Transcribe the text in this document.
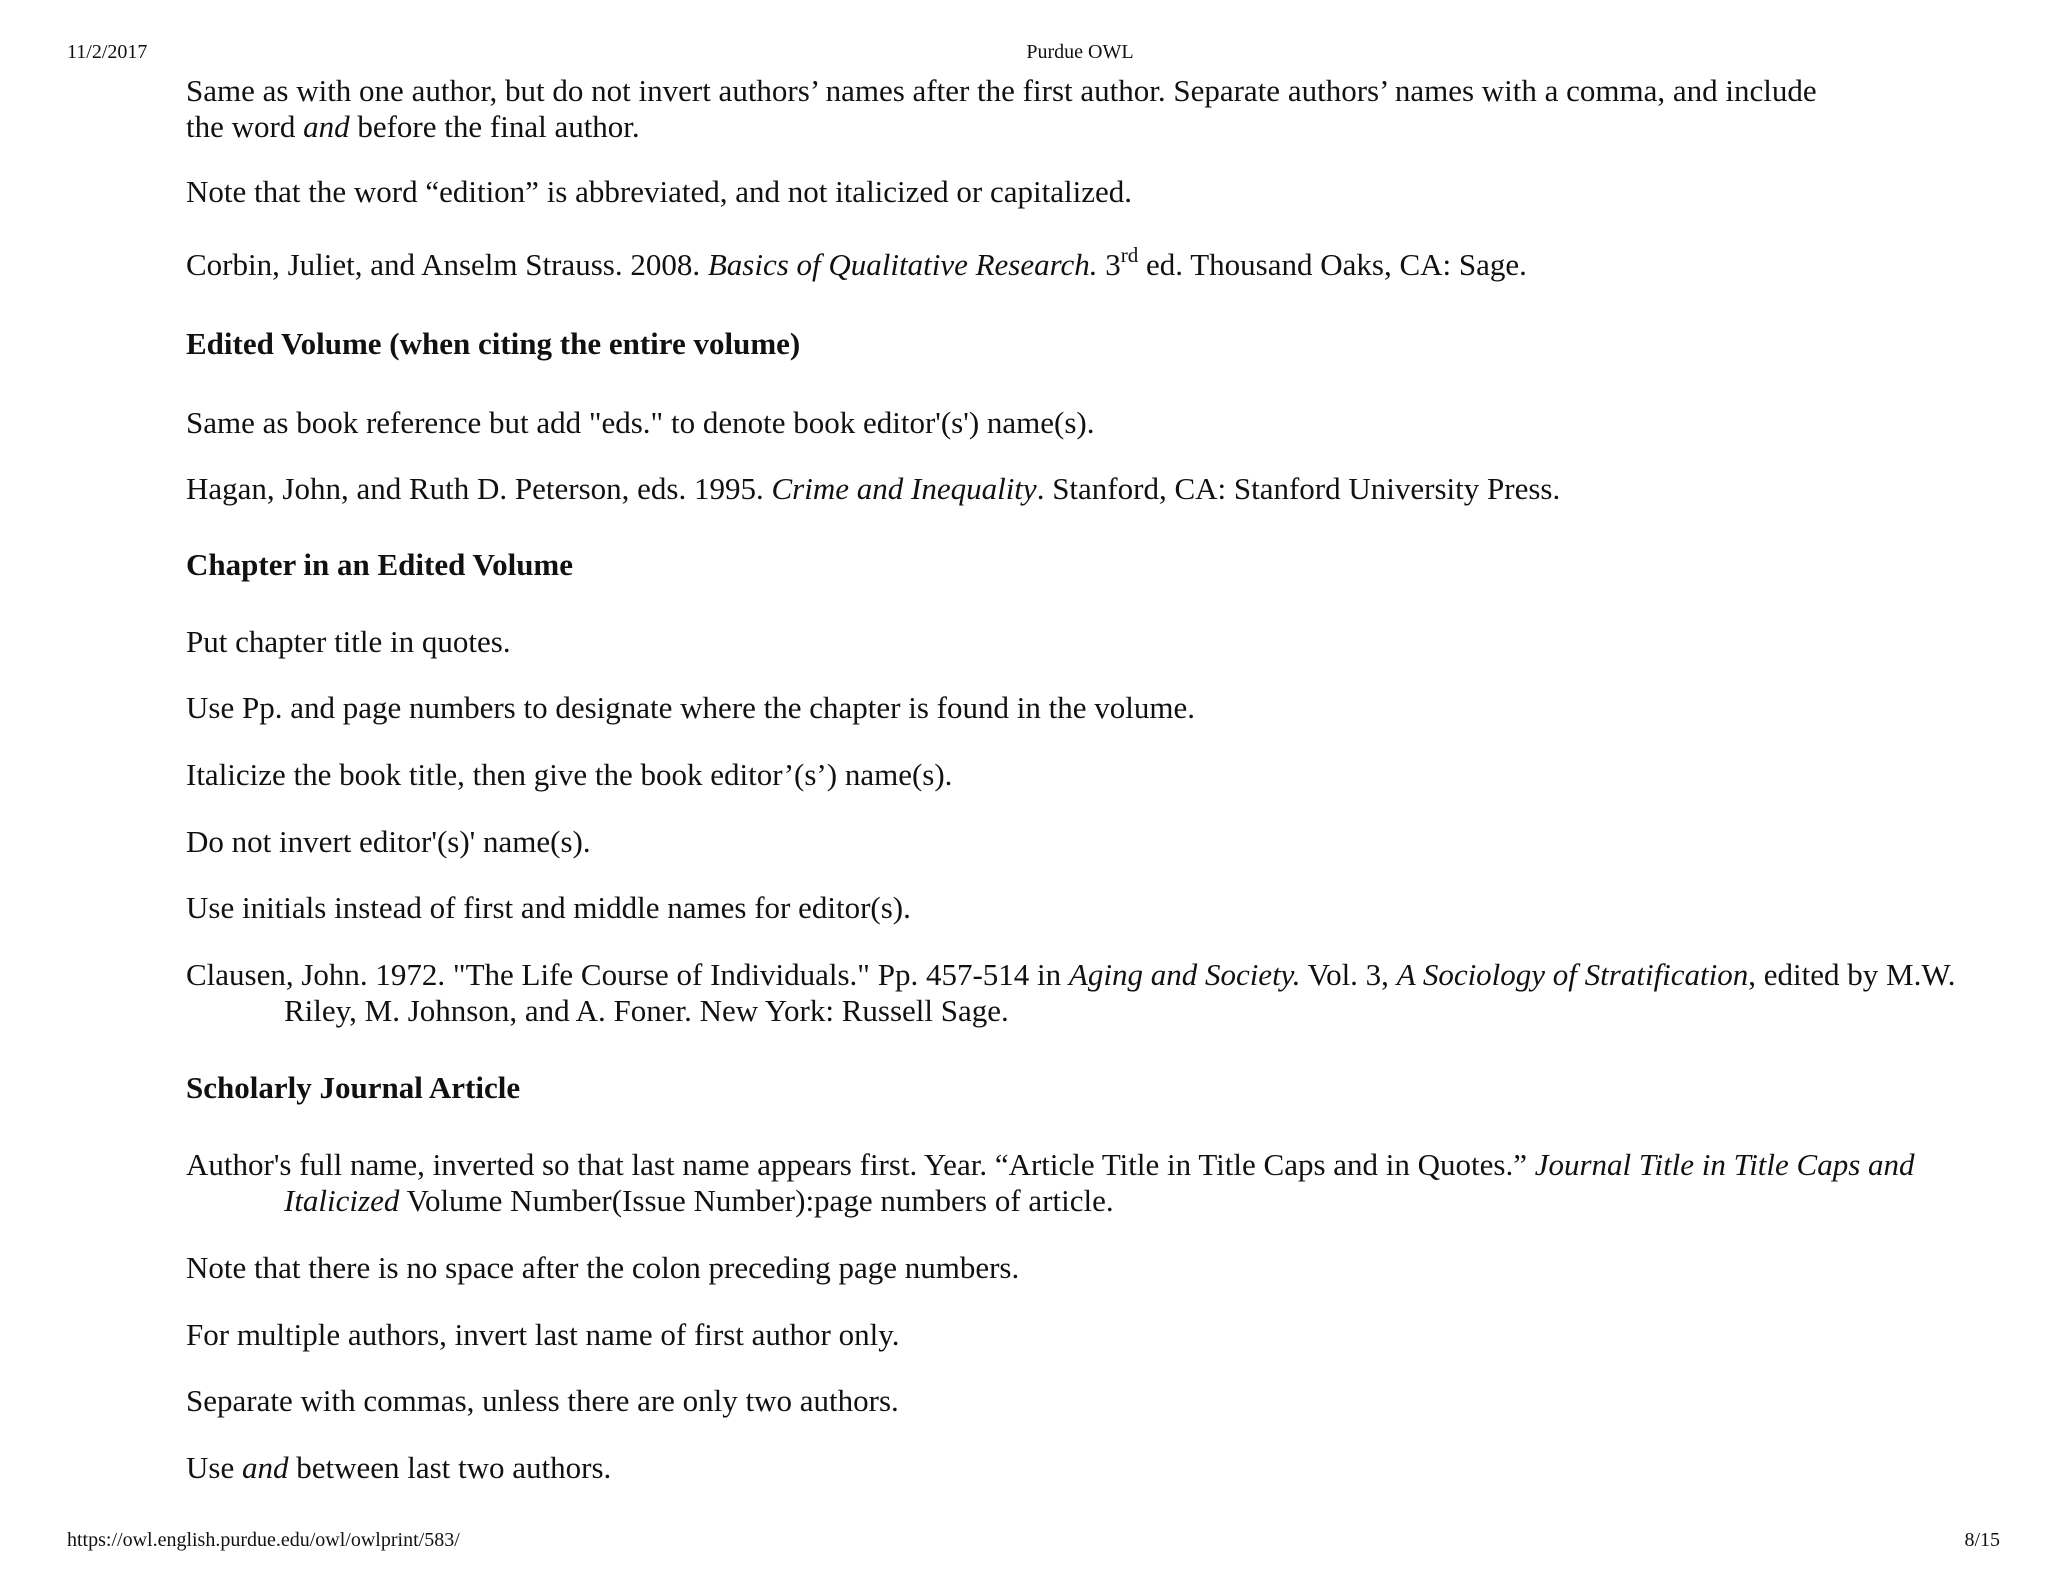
11/2/2017	Purdue OWL

Same as with one author, but do not invert authors’ names after the first author. Separate authors’ names with a comma, and include

the word and before the final author.

Note that the word “edition” is abbreviated, and not italicized or capitalized.

Corbin, Juliet, and Anselm Strauss. 2008. Basics of Qualitative Research. 3rd ed. Thousand Oaks, CA: Sage.

Edited Volume (when citing the entire volume)

Same as book reference but add "eds." to denote book editor'(s') name(s).

Hagan, John, and Ruth D. Peterson, eds. 1995. Crime and Inequality. Stanford, CA: Stanford University Press.

Chapter in an Edited Volume

Put chapter title in quotes.

Use Pp. and page numbers to designate where the chapter is found in the volume.

Italicize the book title, then give the book editor’(s’) name(s).

Do not invert editor'(s)' name(s).

Use initials instead of first and middle names for editor(s).

Clausen, John. 1972. "The Life Course of Individuals." Pp. 457-514 in Aging and Society. Vol. 3, A Sociology of Stratification, edited by M.W. Riley, M. Johnson, and A. Foner. New York: Russell Sage.

Scholarly Journal Article

Author's full name, inverted so that last name appears first. Year. “Article Title in Title Caps and in Quotes.” Journal Title in Title Caps and Italicized Volume Number(Issue Number):page numbers of article.

Note that there is no space after the colon preceding page numbers.

For multiple authors, invert last name of first author only.

Separate with commas, unless there are only two authors.

Use and between last two authors.

https://owl.english.purdue.edu/owl/owlprint/583/	8/15
